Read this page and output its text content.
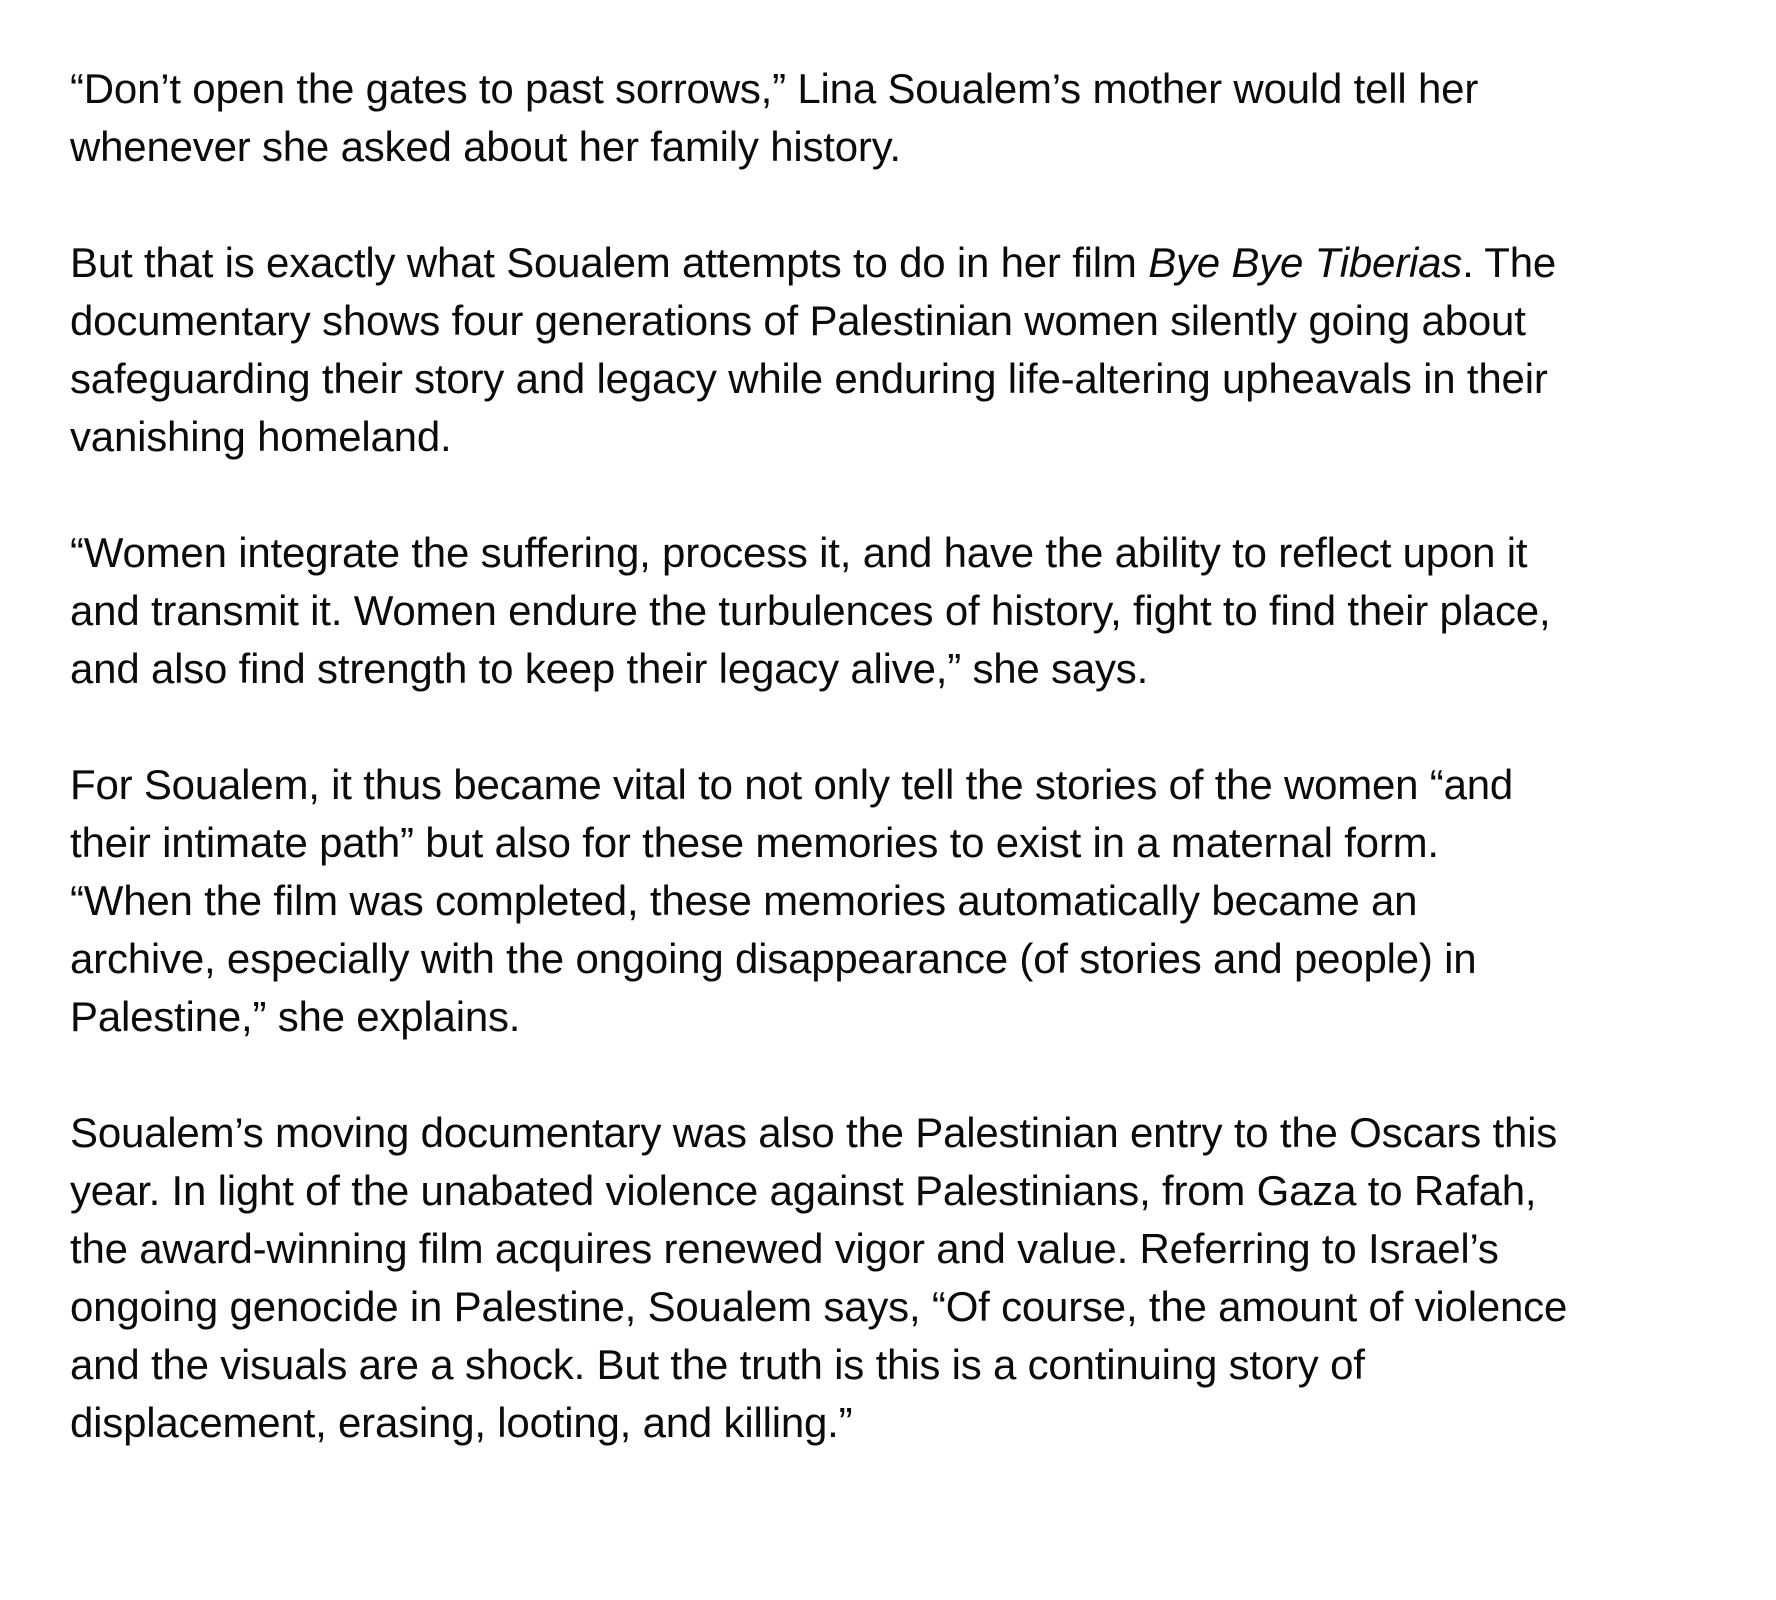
“Don’t open the gates to past sorrows,” Lina Soualem’s mother would tell her
whenever she asked about her family history.

But that is exactly what Soualem attempts to do in her film Bye Bye Tiberias. The
documentary shows four generations of Palestinian women silently going about
safeguarding their story and legacy while enduring life-altering upheavals in their
vanishing homeland.

“Women integrate the suffering, process it, and have the ability to reflect upon it
and transmit it. Women endure the turbulences of history, fight to find their place,
and also find strength to keep their legacy alive,” she says.

For Soualem, it thus became vital to not only tell the stories of the women “and
their intimate path” but also for these memories to exist in a maternal form.
“When the film was completed, these memories automatically became an
archive, especially with the ongoing disappearance (of stories and people) in
Palestine,” she explains.

Soualem’s moving documentary was also the Palestinian entry to the Oscars this
year. In light of the unabated violence against Palestinians, from Gaza to Rafah,
the award-winning film acquires renewed vigor and value. Referring to Israel’s
ongoing genocide in Palestine, Soualem says, “Of course, the amount of violence
and the visuals are a shock. But the truth is this is a continuing story of
displacement, erasing, looting, and killing.”
